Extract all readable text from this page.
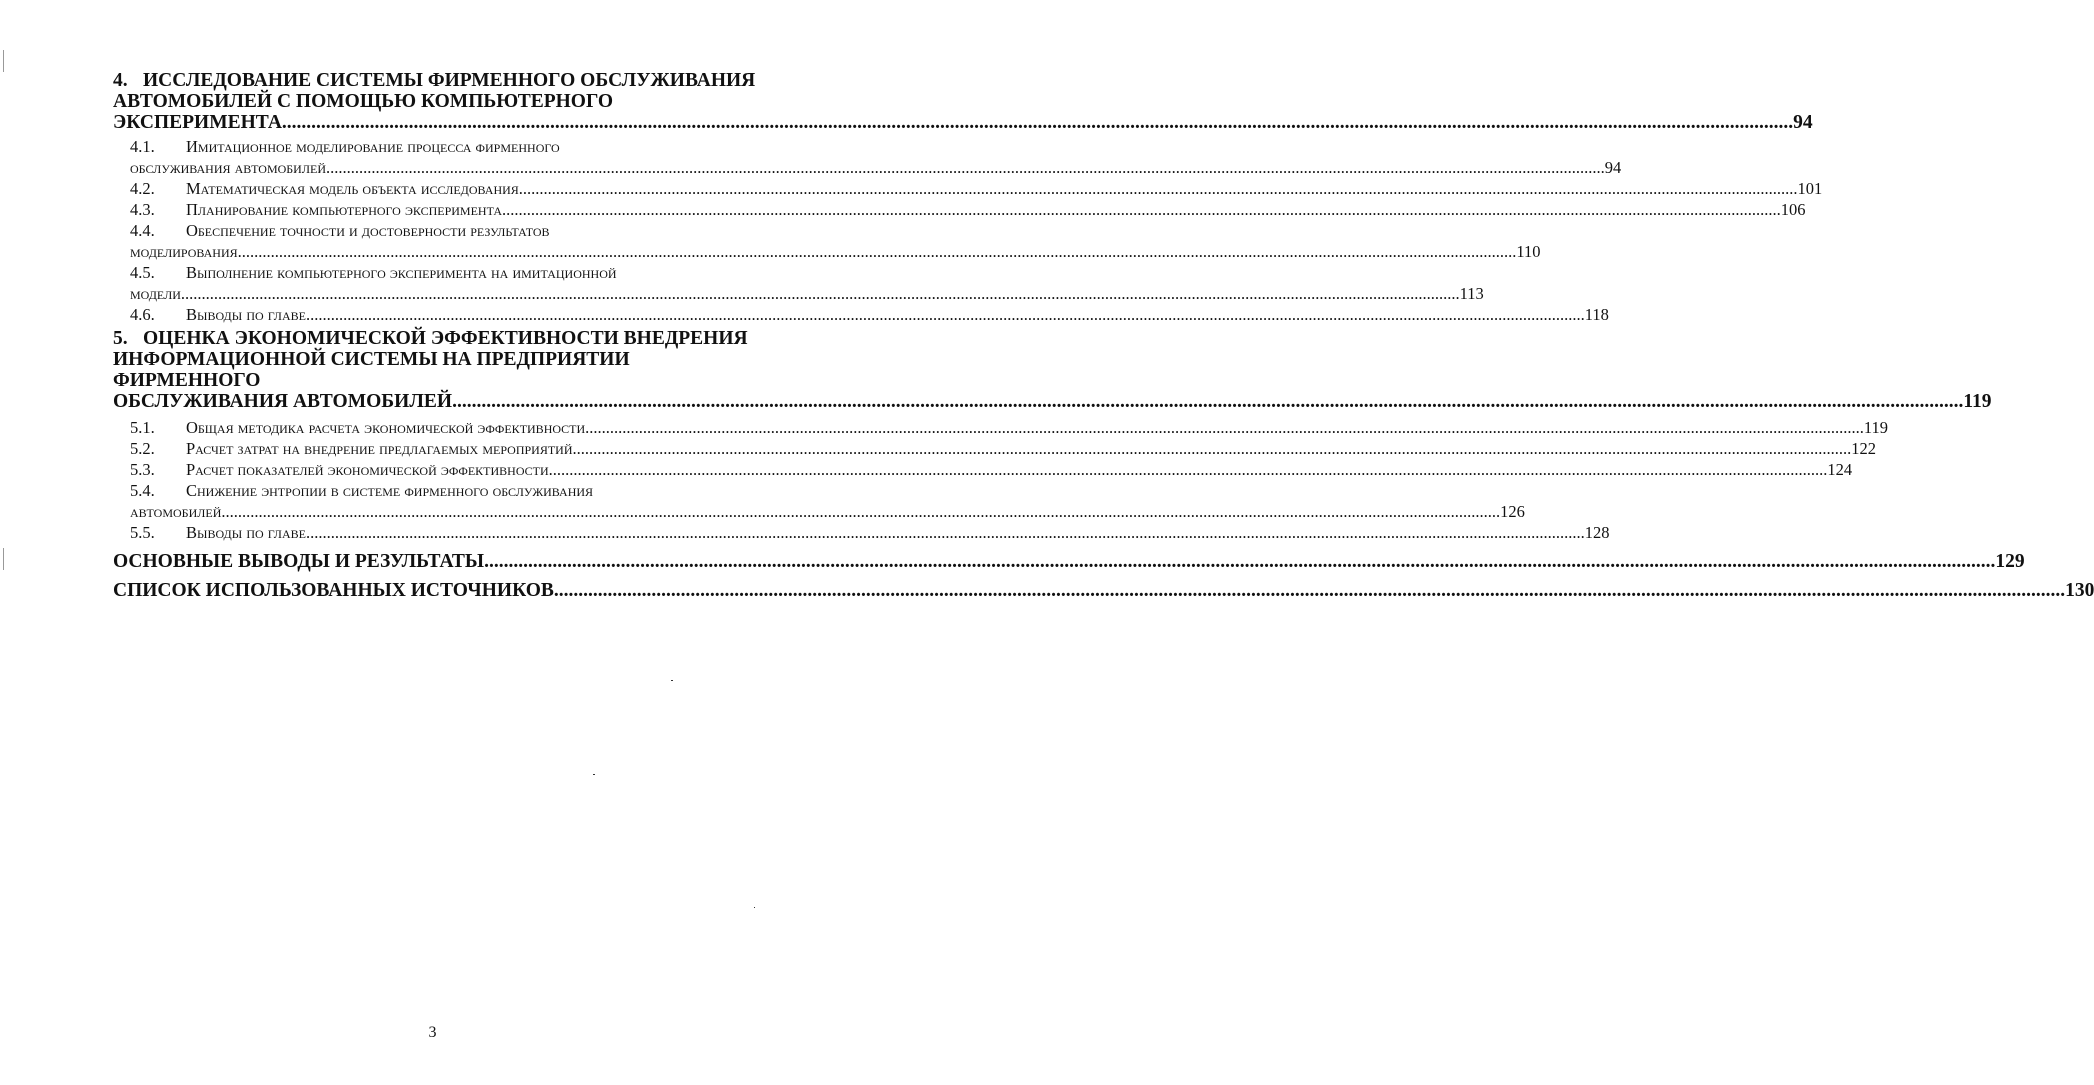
4. ИССЛЕДОВАНИЕ СИСТЕМЫ ФИРМЕННОГО ОБСЛУЖИВАНИЯ
АВТОМОБИЛЕЙ С ПОМОЩЬЮ КОМПЬЮТЕРНОГО
ЭКСПЕРИМЕНТА .....	94
4.1. Имитационное моделирование процесса фирменного
обслуживания автомобилей .....	94
4.2. Математическая модель объекта исследования .....	101
4.3. Планирование компьютерного эксперимента .....	106
4.4. Обеспечение точности и достоверности результатов
моделирования .....	110
4.5. Выполнение компьютерного эксперимента на имитационной
модели .....	113
4.6. Выводы по главе .....	118
5. ОЦЕНКА ЭКОНОМИЧЕСКОЙ ЭФФЕКТИВНОСТИ ВНЕДРЕНИЯ
ИНФОРМАЦИОННОЙ СИСТЕМЫ НА ПРЕДПРИЯТИИ ФИРМЕННОГО
ОБСЛУЖИВАНИЯ АВТОМОБИЛЕЙ .....	119
5.1. Общая методика расчета экономической эффективности .....	119
5.2. Расчет затрат на внедрение предлагаемых мероприятий .....	122
5.3. Расчет показателей экономической эффективности .....	124
5.4. Снижение энтропии в системе фирменного обслуживания
автомобилей .....	126
5.5. Выводы по главе .....	128
ОСНОВНЫЕ ВЫВОДЫ И РЕЗУЛЬТАТЫ .....	129
СПИСОК ИСПОЛЬЗОВАННЫХ ИСТОЧНИКОВ .....	130
3
